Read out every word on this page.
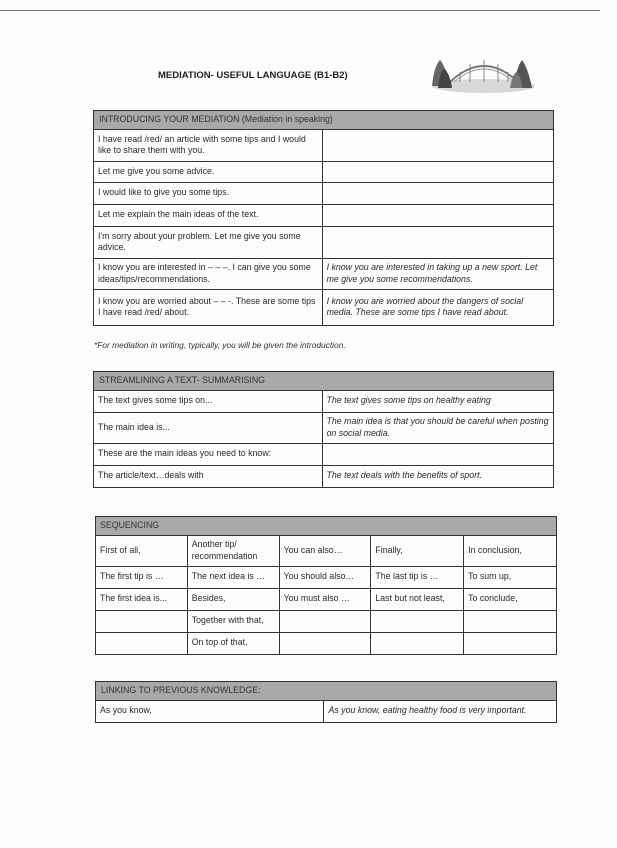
MEDIATION- USEFUL LANGUAGE (B1-B2)
INTRODUCING YOUR MEDIATION (Mediation in speaking)	
I have read /red/ an article with some tips and I would like to share them with you.	
Let me give you some advice.	
I would like to give you some tips.	
Let me explain the main ideas of the text.	
I'm sorry about your problem. Let me give you some advice.	
I know you are interested in – – –. I can give you some ideas/tips/recommendations.	I know you are interested in taking up a new sport. Let me give you some recommendations.
I know you are worried about – – -. These are some tips I have read /red/ about.	I know you are worried about the dangers of social media. These are some tips I have read about.
*For mediation in writing, typically, you will be given the introduction.
STREAMLINING A TEXT- SUMMARISING	
The text gives some tips on...	The text gives some tips on healthy eating
The main idea is...	The main idea is that you should be careful when posting on social media.
These are the main ideas you need to know:	
The article/text…deals with	The text deals with the benefits of sport.
SEQUENCING				
First of all,	Another tip/ recommendation	You can also…	Finally,	In conclusion,
The first tip is …	The next idea is …	You should also…	The last tip is …	To sum up,
The first idea is...	Besides,	You must also …	Last but not least,	To conclude,
	Together with that,			
	On top of that,			
LINKING TO PREVIOUS KNOWLEDGE:
As you know,	As you know, eating healthy food is very important.
